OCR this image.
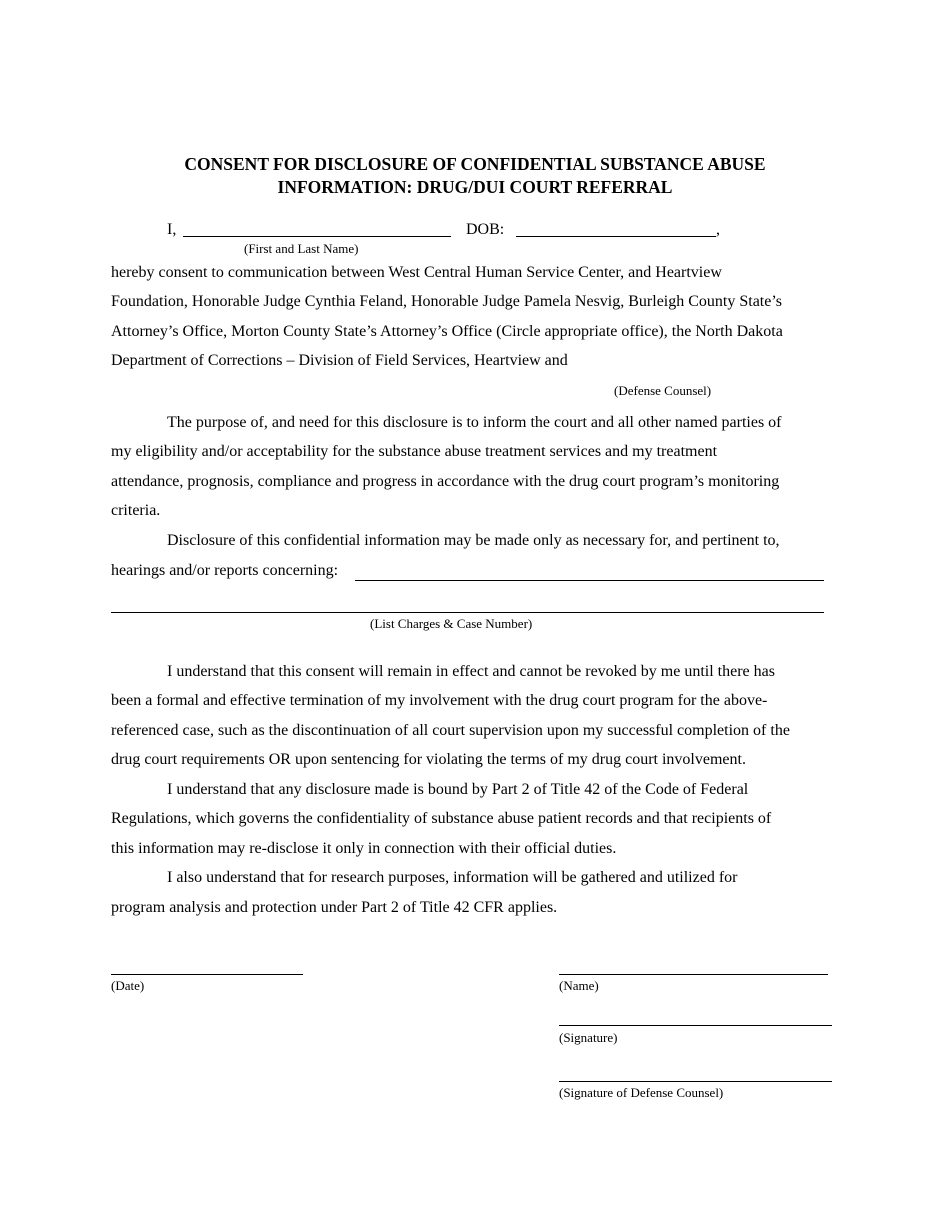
CONSENT FOR DISCLOSURE OF CONFIDENTIAL SUBSTANCE ABUSE
INFORMATION: DRUG/DUI COURT REFERRAL
I,
(First and Last Name)
DOB:	,
hereby consent to communication between West Central Human Service Center, and Heartview
Foundation, Honorable Judge Cynthia Feland, Honorable Judge Pamela Nesvig, Burleigh County State’s
Attorney’s Office, Morton County State’s Attorney’s Office (Circle appropriate office), the North Dakota
Department of Corrections – Division of Field Services, Heartview and
(Defense Counsel)
The purpose of, and need for this disclosure is to inform the court and all other named parties of
my eligibility and/or acceptability for the substance abuse treatment services and my treatment
attendance, prognosis, compliance and progress in accordance with the drug court program’s monitoring
criteria.
Disclosure of this confidential information may be made only as necessary for, and pertinent to,
hearings and/or reports concerning:
(List Charges & Case Number)
I understand that this consent will remain in effect and cannot be revoked by me until there has
been a formal and effective termination of my involvement with the drug court program for the above-
referenced case, such as the discontinuation of all court supervision upon my successful completion of the
drug court requirements OR upon sentencing for violating the terms of my drug court involvement.
I understand that any disclosure made is bound by Part 2 of Title 42 of the Code of Federal
Regulations, which governs the confidentiality of substance abuse patient records and that recipients of
this information may re-disclose it only in connection with their official duties.
I also understand that for research purposes, information will be gathered and utilized for
program analysis and protection under Part 2 of Title 42 CFR applies.
(Date)	(Name)
(Signature)
(Signature of Defense Counsel)
